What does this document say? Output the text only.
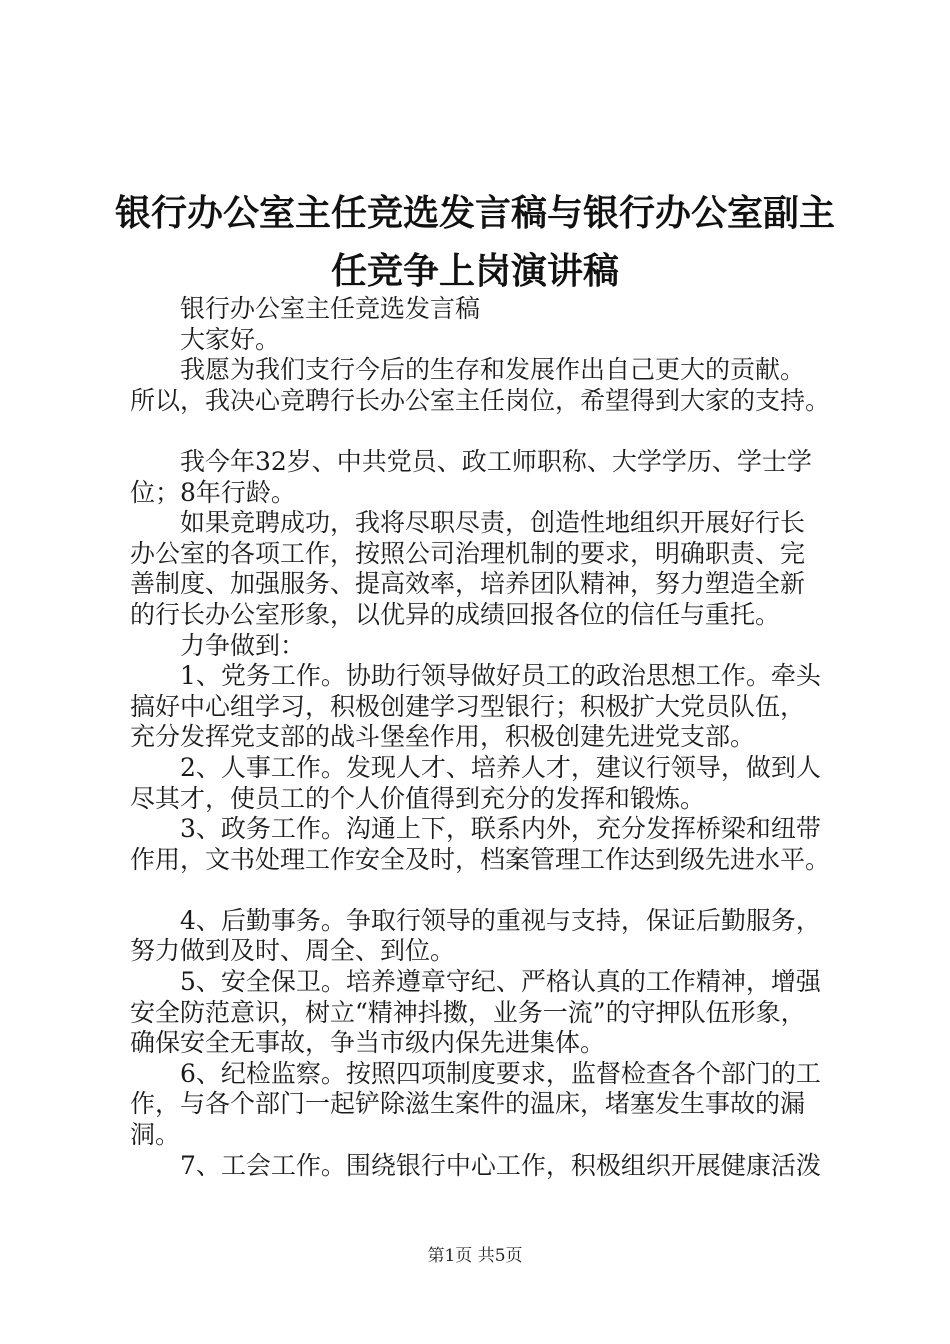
银行办公室主任竞选发言稿与银行办公室副主
任竞争上岗演讲稿
银行办公室主任竞选发言稿
大家好。
我愿为我们支行今后的生存和发展作出自己更大的贡献。
所以，我决心竞聘行长办公室主任岗位，希望得到大家的支持。
我今年32岁、中共党员、政工师职称、大学学历、学士学
位；8年行龄。
如果竞聘成功，我将尽职尽责，创造性地组织开展好行长
办公室的各项工作，按照公司治理机制的要求，明确职责、完
善制度、加强服务、提高效率，培养团队精神，努力塑造全新
的行长办公室形象，以优异的成绩回报各位的信任与重托。
力争做到：
1、党务工作。协助行领导做好员工的政治思想工作。牵头
搞好中心组学习，积极创建学习型银行；积极扩大党员队伍，
充分发挥党支部的战斗堡垒作用，积极创建先进党支部。
2、人事工作。发现人才、培养人才，建议行领导，做到人
尽其才，使员工的个人价值得到充分的发挥和锻炼。
3、政务工作。沟通上下，联系内外，充分发挥桥梁和纽带
作用，文书处理工作安全及时，档案管理工作达到级先进水平。
4、后勤事务。争取行领导的重视与支持，保证后勤服务，
努力做到及时、周全、到位。
5、安全保卫。培养遵章守纪、严格认真的工作精神，增强
安全防范意识，树立“精神抖擞，业务一流”的守押队伍形象，
确保安全无事故，争当市级内保先进集体。
6、纪检监察。按照四项制度要求，监督检查各个部门的工
作，与各个部门一起铲除滋生案件的温床，堵塞发生事故的漏
洞。
7、工会工作。围绕银行中心工作，积极组织开展健康活泼
第1页 共5页
